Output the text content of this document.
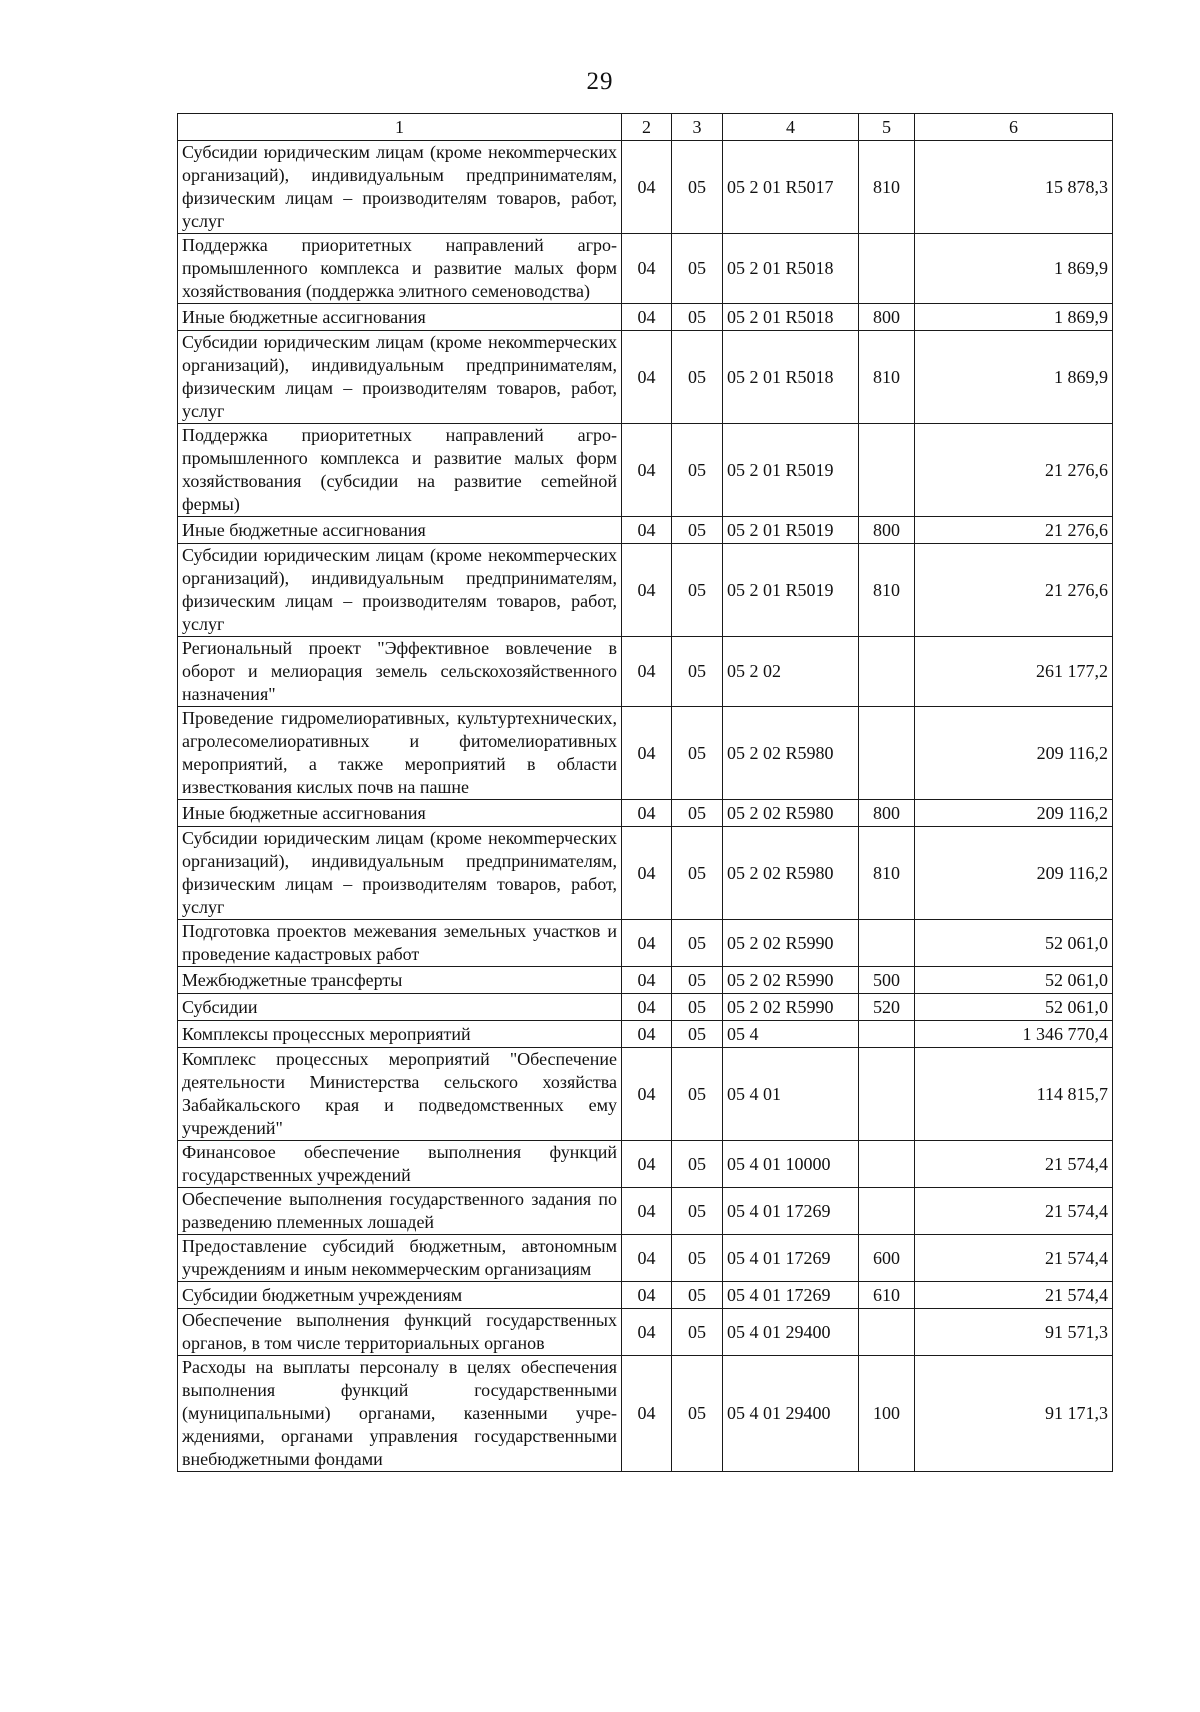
29
1	2	3	4	5	6
Субсидии юридическим лицам (кроме некомmерческих организаций), индивидуальным предпринимателям, физическим лицам – производителям товаров, работ, услуг	04	05	05 2 01 R5017	810	15 878,3
Поддержка приоритетных направлений агропромышленного комплекса и развитие малых форм хозяйствования (поддержка элитного семеноводства)	04	05	05 2 01 R5018		1 869,9
Иные бюджетные ассигнования	04	05	05 2 01 R5018	800	1 869,9
Субсидии юридическим лицам (кроме некомmерческих организаций), индивидуальным предпринимателям, физическим лицам – производителям товаров, работ, услуг	04	05	05 2 01 R5018	810	1 869,9
Поддержка приоритетных направлений агропромышленного комплекса и развитие малых форм хозяйствования (субсидии на развитие сеmейной фермы)	04	05	05 2 01 R5019		21 276,6
Иные бюджетные ассигнования	04	05	05 2 01 R5019	800	21 276,6
Субсидии юридическим лицам (кроме некомmерческих организаций), индивидуальным предпринимателям, физическим лицам – производителям товаров, работ, услуг	04	05	05 2 01 R5019	810	21 276,6
Региональный проект "Эффективное вовлечение в оборот и мелиорация земель сельскохозяйственного назначения"	04	05	05 2 02		261 177,2
Проведение гидромелиоративных, культуртехнических, агролесомелиоративных и фитомелиоративных мероприятий, а также мероприятий в области известкования кислых почв на пашне	04	05	05 2 02 R5980		209 116,2
Иные бюджетные ассигнования	04	05	05 2 02 R5980	800	209 116,2
Субсидии юридическим лицам (кроме некомmерческих организаций), индивидуальным предпринимателям, физическим лицам – производителям товаров, работ, услуг	04	05	05 2 02 R5980	810	209 116,2
Подготовка проектов межевания земельных участков и проведение кадастровых работ	04	05	05 2 02 R5990		52 061,0
Межбюджетные трансферты	04	05	05 2 02 R5990	500	52 061,0
Субсидии	04	05	05 2 02 R5990	520	52 061,0
Комплексы процессных мероприятий	04	05	05 4		1 346 770,4
Комплекс процессных мероприятий "Обеспечение деятельности Министерства сельского хозяйства Забайкальского края и подведомственных ему учреждений"	04	05	05 4 01		114 815,7
Финансовое обеспечение выполнения функций государственных учреждений	04	05	05 4 01 10000		21 574,4
Обеспечение выполнения государственного задания по разведению племенных лошадей	04	05	05 4 01 17269		21 574,4
Предоставление субсидий бюджетным, автономным учреждениям и иным некоммерческим организациям	04	05	05 4 01 17269	600	21 574,4
Субсидии бюджетным учреждениям	04	05	05 4 01 17269	610	21 574,4
Обеспечение выполнения функций государственных органов, в том числе территориальных органов	04	05	05 4 01 29400		91 571,3
Расходы на выплаты персоналу в целях обеспечения выполнения функций государственными (муниципальными) органами, казенными учреждениями, органами управления государственными внебюджетными фондами	04	05	05 4 01 29400	100	91 171,3
